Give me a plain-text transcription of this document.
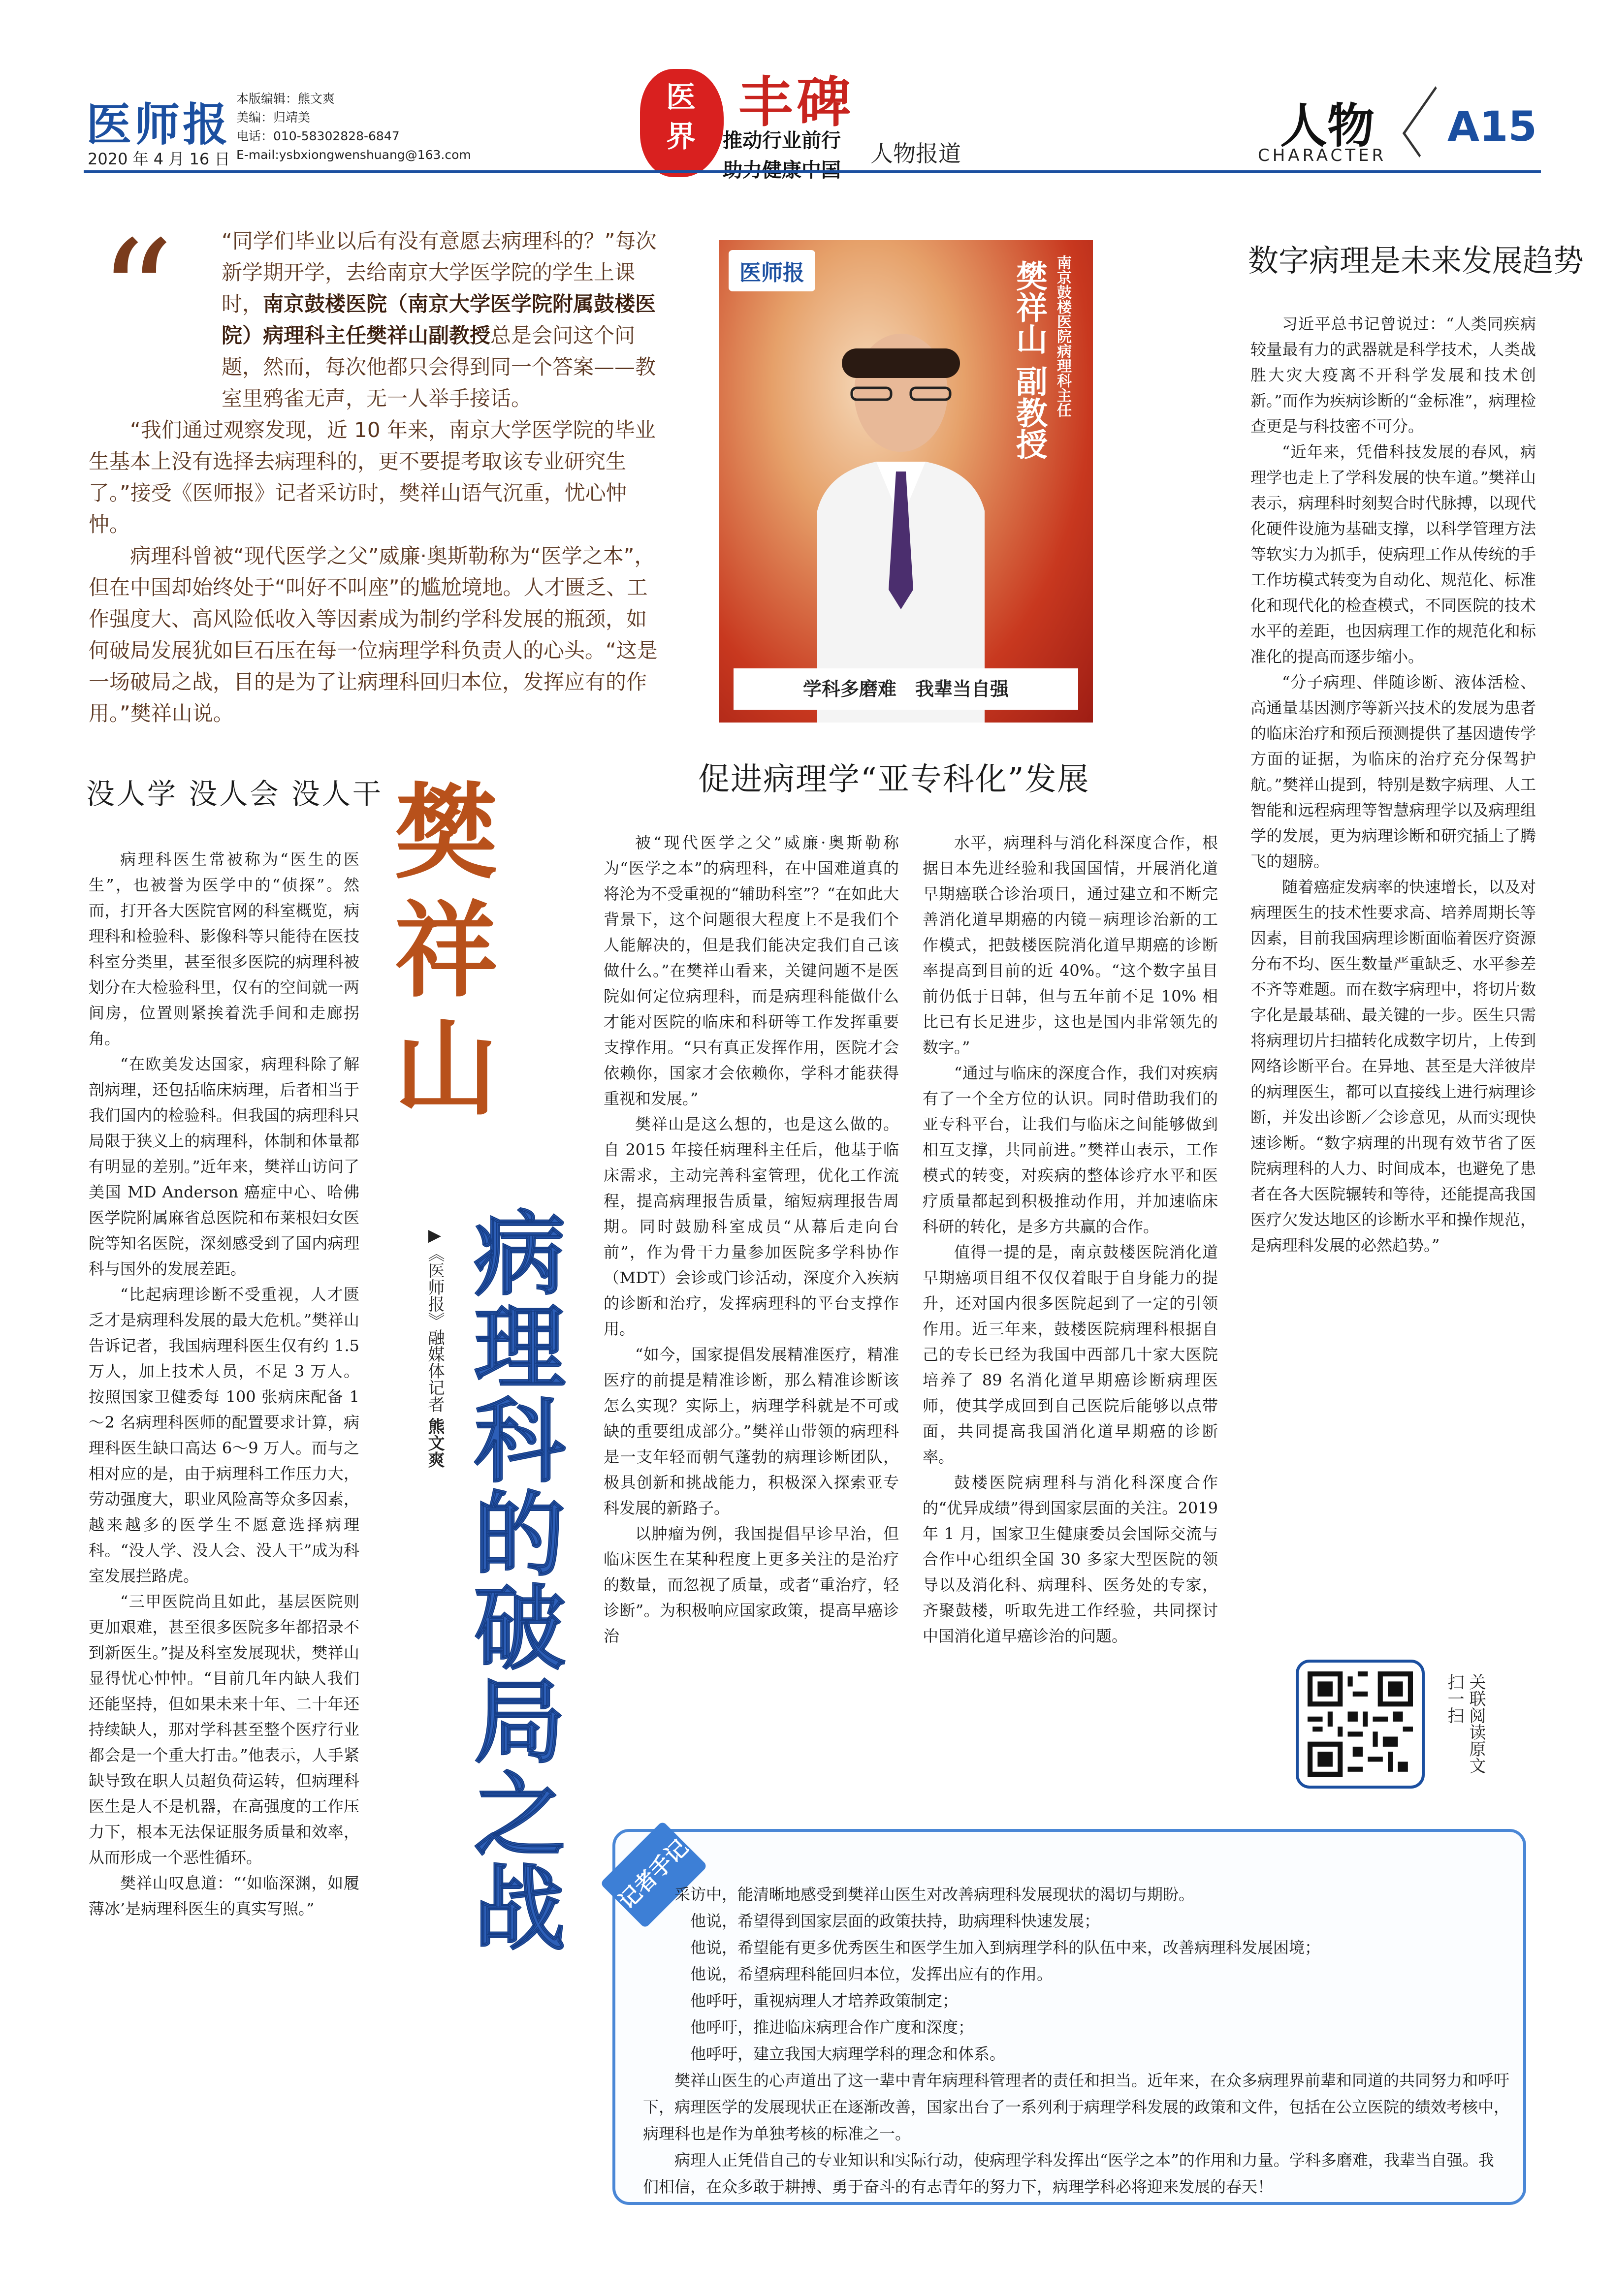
医师报
2020 年 4 月 16 日
本版编辑：熊文爽
美编：归靖美
电话：010-58302828-6847
E-mail:ysbxiongwenshuang@163.com
医界
丰碑
推动行业前行 人物报道	人物
CHARACTER
A15
“	“同学们毕业以后有没有意愿去病理科的？”每次新学期开学，去给南京大学医学院的学生上课时，南京鼓楼医院（南京大学医学院附属鼓楼医院）病理科主任樊祥山副教授总是会问这个问题，然而，每次他都只会得到同一个答案——教室里鸦雀无声，无一人举手接话。

“我们通过观察发现，近 10 年来，南京大学医学院的毕业生基本上没有选择去病理科的，更不要提考取该专业研究生了。”接受《医师报》记者采访时，樊祥山语气沉重，忧心忡忡。

病理科曾被“现代医学之父”威廉·奥斯勒称为“医学之本”，但在中国却始终处于“叫好不叫座”的尴尬境地。人才匮乏、工作强度大、高风险低收入等因素成为制约学科发展的瓶颈，如何破局发展犹如巨石压在每一位病理学科负责人的心头。“这是一场破局之战，目的是为了让病理科回归本位，发挥应有的作用。”樊祥山说。

医师报	南京鼓楼医院病理科主任
樊祥山 副教授
学科多磨难　我辈当自强
没人学 没人会 没人干	促进病理学“亚专科化”发展
数字病理是未来发展趋势
樊祥山
▶《医师报》融媒体记者 熊文爽 病理科的破局之战

病理科医生常被称为“医生的医生”，也被誉为医学中的“侦探”。然而，打开各大医院官网的科室概览，病理科和检验科、影像科等只能待在医技科室分类里，甚至很多医院的病理科被划分在大检验科里，仅有的空间就一两间房，位置则紧挨着洗手间和走廊拐角。

“在欧美发达国家，病理科除了解剖病理，还包括临床病理，后者相当于我们国内的检验科。但我国的病理科只局限于狭义上的病理科，体制和体量都有明显的差别。”近年来，樊祥山访问了美国 MD Anderson 癌症中心、哈佛医学院附属麻省总医院和布莱根妇女医院等知名医院，深刻感受到了国内病理科与国外的发展差距。

“比起病理诊断不受重视，人才匮乏才是病理科发展的最大危机。”樊祥山告诉记者，我国病理科医生仅有约 1.5 万人，加上技术人员，不足 3 万人。按照国家卫健委每 100 张病床配备 1～2 名病理科医师的配置要求计算，病理科医生缺口高达 6～9 万人。而与之相对应的是，由于病理科工作压力大，劳动强度大，职业风险高等众多因素，越来越多的医学生不愿意选择病理科。“没人学、没人会、没人干”成为科室发展拦路虎。

“三甲医院尚且如此，基层医院则更加艰难，甚至很多医院多年都招录不到新医生。”提及科室发展现状，樊祥山显得忧心忡忡。“目前几年内缺人我们还能坚持，但如果未来十年、二十年还持续缺人，那对学科甚至整个医疗行业都会是一个重大打击。”他表示，人手紧缺导致在职人员超负荷运转，但病理科医生是人不是机器，在高强度的工作压力下，根本无法保证服务质量和效率，从而形成一个恶性循环。

樊祥山叹息道：“‘如临深渊，如履薄冰’是病理科医生的真实写照。”

被“现代医学之父”威廉·奥斯勒称为“医学之本”的病理科，在中国难道真的将沦为不受重视的“辅助科室”？“在如此大背景下，这个问题很大程度上不是我们个人能解决的，但是我们能决定我们自己该做什么。”在樊祥山看来，关键问题不是医院如何定位病理科，而是病理科能做什么才能对医院的临床和科研等工作发挥重要支撑作用。“只有真正发挥作用，医院才会依赖你，国家才会依赖你，学科才能获得重视和发展。”

樊祥山是这么想的，也是这么做的。自 2015 年接任病理科主任后，他基于临床需求，主动完善科室管理，优化工作流程，提高病理报告质量，缩短病理报告周期。同时鼓励科室成员“从幕后走向台前”，作为骨干力量参加医院多学科协作（MDT）会诊或门诊活动，深度介入疾病的诊断和治疗，发挥病理科的平台支撑作用。

“如今，国家提倡发展精准医疗，精准医疗的前提是精准诊断，那么精准诊断该怎么实现？实际上，病理学科就是不可或缺的重要组成部分。”樊祥山带领的病理科是一支年轻而朝气蓬勃的病理诊断团队，极具创新和挑战能力，积极深入探索亚专科发展的新路子。

以肿瘤为例，我国提倡早诊早治，但临床医生在某种程度上更多关注的是治疗的数量，而忽视了质量，或者“重治疗，轻诊断”。为积极响应国家政策，提高早癌诊治

水平，病理科与消化科深度合作，根据日本先进经验和我国国情，开展消化道早期癌联合诊治项目，通过建立和不断完善消化道早期癌的内镜－病理诊治新的工作模式，把鼓楼医院消化道早期癌的诊断率提高到目前的近 40%。“这个数字虽目前仍低于日韩，但与五年前不足 10% 相比已有长足进步，这也是国内非常领先的数字。”

“通过与临床的深度合作，我们对疾病有了一个全方位的认识。同时借助我们的亚专科平台，让我们与临床之间能够做到相互支撑，共同前进。”樊祥山表示，工作模式的转变，对疾病的整体诊疗水平和医疗质量都起到积极推动作用，并加速临床科研的转化，是多方共赢的合作。

值得一提的是，南京鼓楼医院消化道早期癌项目组不仅仅着眼于自身能力的提升，还对国内很多医院起到了一定的引领作用。近三年来，鼓楼医院病理科根据自己的专长已经为我国中西部几十家大医院培养了 89 名消化道早期癌诊断病理医师，使其学成回到自己医院后能够以点带面，共同提高我国消化道早期癌的诊断率。

鼓楼医院病理科与消化科深度合作的“优异成绩”得到国家层面的关注。2019 年 1 月，国家卫生健康委员会国际交流与合作中心组织全国 30 多家大型医院的领导以及消化科、病理科、医务处的专家，齐聚鼓楼，听取先进工作经验，共同探讨中国消化道早癌诊治的问题。

习近平总书记曾说过：“人类同疾病较量最有力的武器就是科学技术，人类战胜大灾大疫离不开科学发展和技术创新。”而作为疾病诊断的“金标准”，病理检查更是与科技密不可分。

“近年来，凭借科技发展的春风，病理学也走上了学科发展的快车道。”樊祥山表示，病理科时刻契合时代脉搏，以现代化硬件设施为基础支撑，以科学管理方法等软实力为抓手，使病理工作从传统的手工作坊模式转变为自动化、规范化、标准化和现代化的检查模式，不同医院的技术水平的差距，也因病理工作的规范化和标准化的提高而逐步缩小。

“分子病理、伴随诊断、液体活检、高通量基因测序等新兴技术的发展为患者的临床治疗和预后预测提供了基因遗传学方面的证据，为临床的治疗充分保驾护航。”樊祥山提到，特别是数字病理、人工智能和远程病理等智慧病理学以及病理组学的发展，更为病理诊断和研究插上了腾飞的翅膀。

随着癌症发病率的快速增长，以及对病理医生的技术性要求高、培养周期长等因素，目前我国病理诊断面临着医疗资源分布不均、医生数量严重缺乏、水平参差不齐等难题。而在数字病理中，将切片数字化是最基础、最关键的一步。医生只需将病理切片扫描转化成数字切片，上传到网络诊断平台。在异地、甚至是大洋彼岸的病理医生，都可以直接线上进行病理诊断，并发出诊断／会诊意见，从而实现快速诊断。“数字病理的出现有效节省了医院病理科的人力、时间成本，也避免了患者在各大医院辗转和等待，还能提高我国医疗欠发达地区的诊断水平和操作规范，是病理科发展的必然趋势。”

关联阅读原文
扫一扫
记者手记

采访中，能清晰地感受到樊祥山医生对改善病理科发展现状的渴切与期盼。

他说，希望得到国家层面的政策扶持，助病理科快速发展；

他说，希望能有更多优秀医生和医学生加入到病理学科的队伍中来，改善病理科发展困境；

他说，希望病理科能回归本位，发挥出应有的作用。

他呼吁，重视病理人才培养政策制定；

他呼吁，推进临床病理合作广度和深度；

他呼吁，建立我国大病理学科的理念和体系。

樊祥山医生的心声道出了这一辈中青年病理科管理者的责任和担当。近年来，在众多病理界前辈和同道的共同努力和呼吁下，病理医学的发展现状正在逐渐改善，国家出台了一系列利于病理学科发展的政策和文件，包括在公立医院的绩效考核中，病理科也是作为单独考核的标准之一。

病理人正凭借自己的专业知识和实际行动，使病理学科发挥出“医学之本”的作用和力量。学科多磨难，我辈当自强。我们相信，在众多敢于耕搏、勇于奋斗的有志青年的努力下，病理学科必将迎来发展的春天！
